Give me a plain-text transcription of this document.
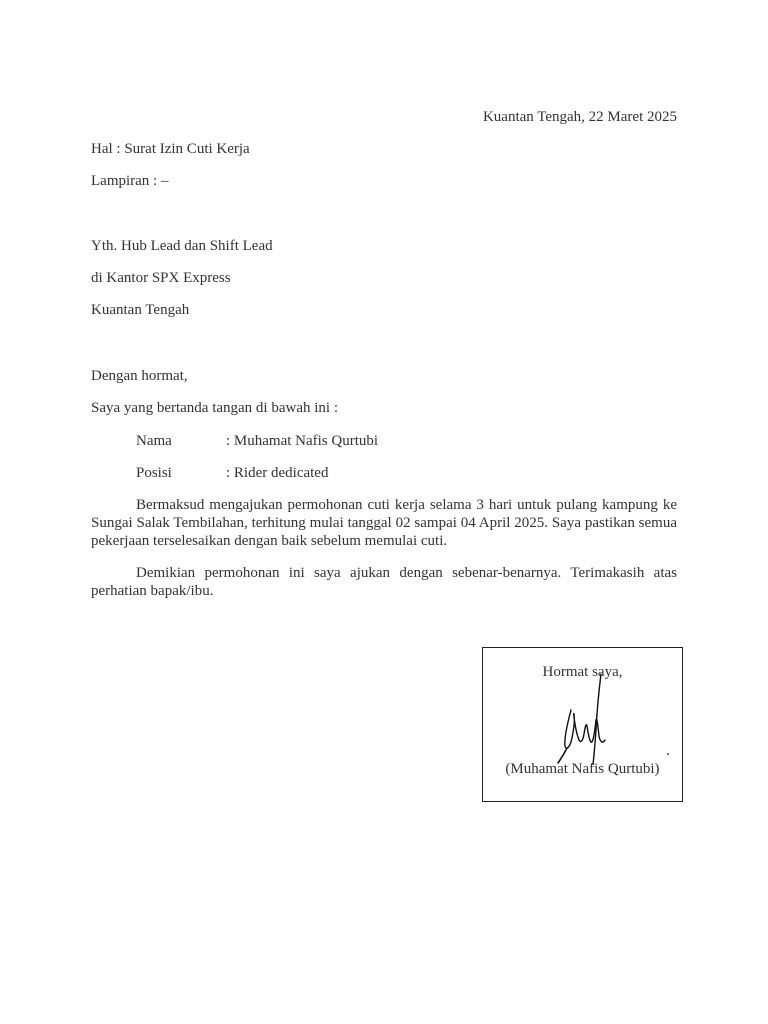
Kuantan Tengah, 22 Maret 2025
Hal : Surat Izin Cuti Kerja
Lampiran : –
Yth. Hub Lead dan Shift Lead
di Kantor SPX Express
Kuantan Tengah
Dengan hormat,
Saya yang bertanda tangan di bawah ini :
Nama	: Muhamat Nafis Qurtubi
Posisi	: Rider dedicated
Bermaksud mengajukan permohonan cuti kerja selama 3 hari untuk pulang kampung ke Sungai Salak Tembilahan, terhitung mulai tanggal 02 sampai 04 April 2025. Saya pastikan semua pekerjaan terselesaikan dengan baik sebelum memulai cuti.
Demikian permohonan ini saya ajukan dengan sebenar-benarnya. Terimakasih atas perhatian bapak/ibu.
Hormat saya,
(Muhamat Nafis Qurtubi)
